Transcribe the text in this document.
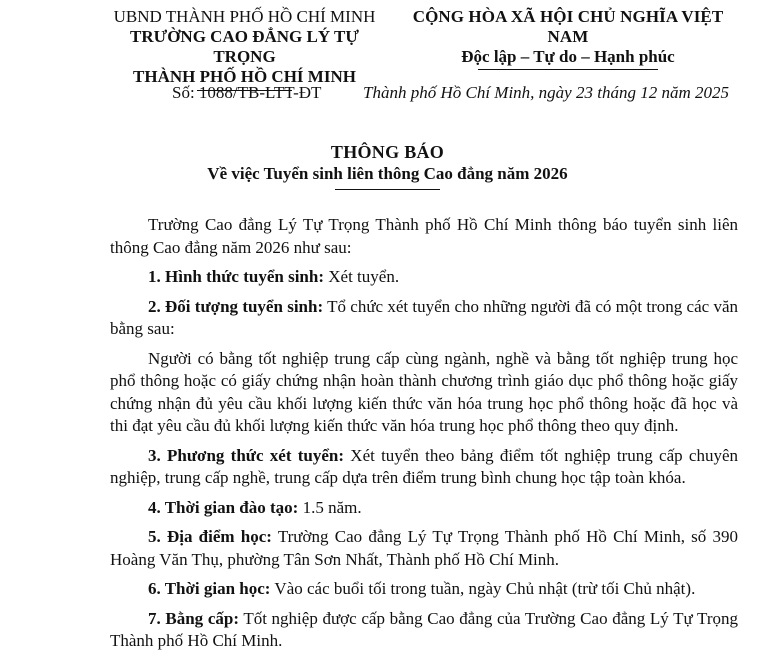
UBND THÀNH PHỐ HỒ CHÍ MINH
TRƯỜNG CAO ĐẲNG LÝ TỰ TRỌNG
THÀNH PHỐ HỒ CHÍ MINH
CỘNG HÒA XÃ HỘI CHỦ NGHĨA VIỆT NAM
Độc lập – Tự do – Hạnh phúc
Số: 1088/TB-LTT-ĐT Thành phố Hồ Chí Minh, ngày 23 tháng 12 năm 2025
THÔNG BÁO
Về việc Tuyển sinh liên thông Cao đẳng năm 2026

Trường Cao đẳng Lý Tự Trọng Thành phố Hồ Chí Minh thông báo tuyển sinh liên thông Cao đẳng năm 2026 như sau:

1. Hình thức tuyển sinh: Xét tuyển.

2. Đối tượng tuyển sinh: Tổ chức xét tuyển cho những người đã có một trong các văn bằng sau:

Người có bằng tốt nghiệp trung cấp cùng ngành, nghề và bằng tốt nghiệp trung học phổ thông hoặc có giấy chứng nhận hoàn thành chương trình giáo dục phổ thông hoặc giấy chứng nhận đủ yêu cầu khối lượng kiến thức văn hóa trung học phổ thông hoặc đã học và thi đạt yêu cầu đủ khối lượng kiến thức văn hóa trung học phổ thông theo quy định.

3. Phương thức xét tuyển: Xét tuyển theo bảng điểm tốt nghiệp trung cấp chuyên nghiệp, trung cấp nghề, trung cấp dựa trên điểm trung bình chung học tập toàn khóa.

4. Thời gian đào tạo: 1.5 năm.

5. Địa điểm học: Trường Cao đẳng Lý Tự Trọng Thành phố Hồ Chí Minh, số 390 Hoàng Văn Thụ, phường Tân Sơn Nhất, Thành phố Hồ Chí Minh.

6. Thời gian học: Vào các buổi tối trong tuần, ngày Chủ nhật (trừ tối Chủ nhật).

7. Bằng cấp: Tốt nghiệp được cấp bằng Cao đẳng của Trường Cao đẳng Lý Tự Trọng Thành phố Hồ Chí Minh.
